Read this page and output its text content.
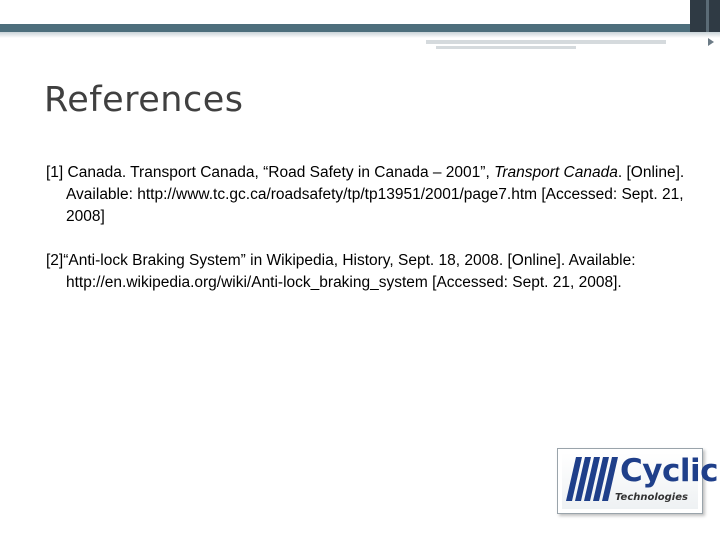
References

[1] Canada. Transport Canada, “Road Safety in Canada – 2001”, Transport Canada. [Online]. Available: http://www.tc.gc.ca/roadsafety/tp/tp13951/2001/page7.htm [Accessed: Sept. 21, 2008]

[2]“Anti-lock Braking System” in Wikipedia, History, Sept. 18, 2008. [Online]. Available: http://en.wikipedia.org/wiki/Anti-lock_braking_system [Accessed: Sept. 21, 2008].

Cyclic
Technologies
